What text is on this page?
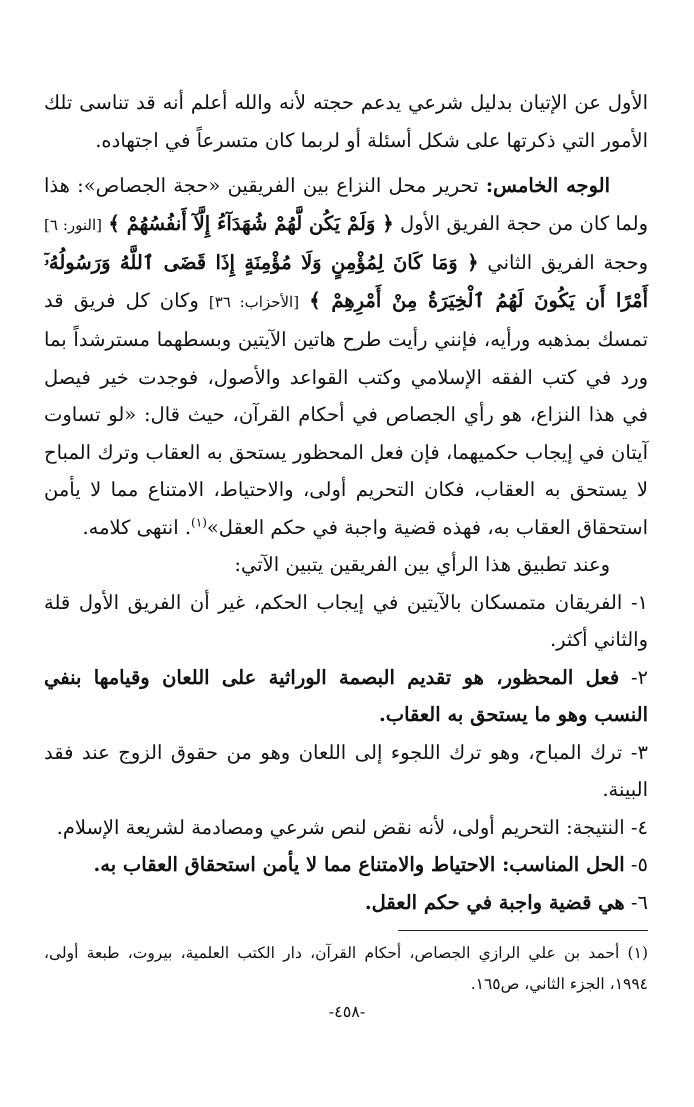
الأول عن الإتيان بدليل شرعي يدعم حجته لأنه والله أعلم أنه قد تناسى تلك الأمور التي ذكرتها على شكل أسئلة أو لربما كان متسرعاً في اجتهاده.

الوجه الخامس: تحرير محل النزاع بين الفريقين «حجة الجصاص»: هذا ولما كان من حجة الفريق الأول ﴿ وَلَمْ يَكُن لَّهُمْ شُهَدَآءُ إِلَّآ أَنفُسُهُمْ ﴾ [النور: ٦] وحجة الفريق الثاني ﴿ وَمَا كَانَ لِمُؤْمِنٍ وَلَا مُؤْمِنَةٍ إِذَا قَضَى ٱللَّهُ وَرَسُولُهُۥٓ أَمْرًا أَن يَكُونَ لَهُمُ ٱلْخِيَرَةُ مِنْ أَمْرِهِمْ ﴾ [الأحزاب: ٣٦] وكان كل فريق قد تمسك بمذهبه ورأيه، فإنني رأيت طرح هاتين الآيتين وبسطهما مسترشداً بما ورد في كتب الفقه الإسلامي وكتب القواعد والأصول، فوجدت خير فيصل في هذا النزاع، هو رأي الجصاص في أحكام القرآن، حيث قال: «لو تساوت آيتان في إيجاب حكميهما، فإن فعل المحظور يستحق به العقاب وترك المباح لا يستحق به العقاب، فكان التحريم أولى، والاحتياط، الامتناع مما لا يأمن استحقاق العقاب به، فهذه قضية واجبة في حكم العقل»$^{(١)}$. انتهى كلامه.

وعند تطبيق هذا الرأي بين الفريقين يتبين الآتي:

١- الفريقان متمسكان بالآيتين في إيجاب الحكم، غير أن الفريق الأول قلة والثاني أكثر.

٢- فعل المحظور، هو تقديم البصمة الوراثية على اللعان وقيامها بنفي النسب وهو ما يستحق به العقاب.

٣- ترك المباح، وهو ترك اللجوء إلى اللعان وهو من حقوق الزوج عند فقد البينة.

٤- النتيجة: التحريم أولى، لأنه نقض لنص شرعي ومصادمة لشريعة الإسلام.

٥- الحل المناسب: الاحتياط والامتناع مما لا يأمن استحقاق العقاب به.

٦- هي قضية واجبة في حكم العقل.

(١) أحمد بن علي الرازي الجصاص، أحكام القرآن، دار الكتب العلمية، بيروت، طبعة أولى، ١٩٩٤، الجزء الثاني، ص١٦٥.

-٤٥٨-
